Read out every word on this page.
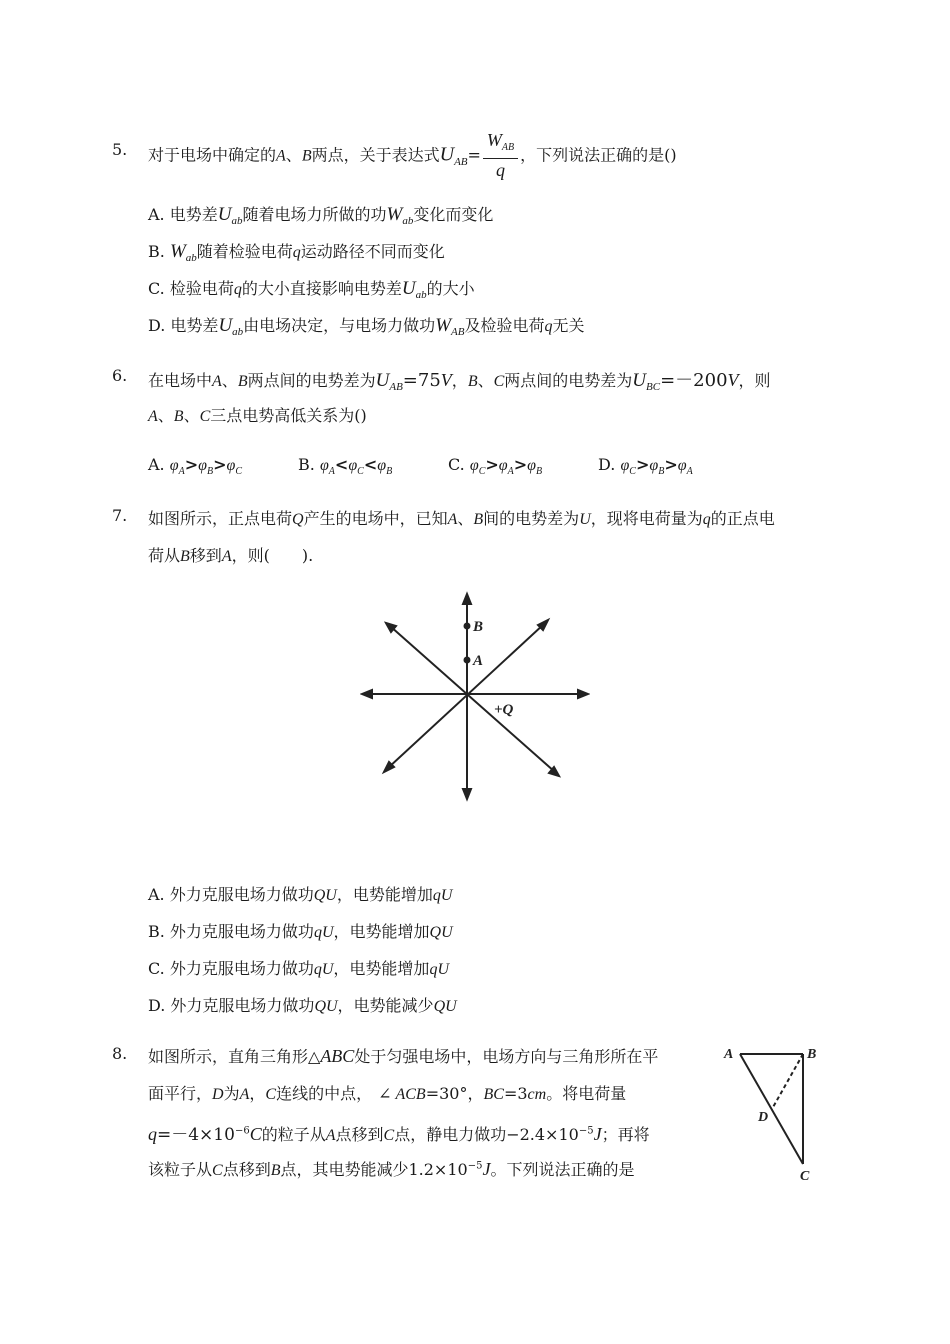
5. 对于电场中确定的A、B两点，关于表达式$U_{AB}= \frac{W_{AB}}{q}$ ，下列说法正确的是()
A. 电势差$U_{ab}$随着电场力所做的功$W_{ab}$变化而变化
B. $W_{ab}$随着检验电荷q运动路径不同而变化
C. 检验电荷q的大小直接影响电势差$U_{ab}$的大小
D. 电势差$U_{ab}$由电场决定，与电场力做功$W_{AB}$及检验电荷q无关
6. 在电场中A、B两点间的电势差为$U_{AB}=75V$，B、C两点间的电势差为$U_{BC}=-200V$，则
A、B、C三点电势高低关系为()
A. $\varphi_A>\varphi_B>\varphi_C$	B. $\varphi_A<\varphi_C<\varphi_B$	C. $\varphi_C>\varphi_A>\varphi_B$	D. $\varphi_C>\varphi_B>\varphi_A$
7. 如图所示，正点电荷Q产生的电场中，已知A、B间的电势差为U，现将电荷量为q的正点电
荷从B移到A，则(　　).
B
A
+Q
A. 外力克服电场力做功QU，电势能增加qU
B. 外力克服电场力做功qU，电势能增加QU
C. 外力克服电场力做功qU，电势能增加qU
D. 外力克服电场力做功QU，电势能减少QU
8. 如图所示，直角三角形△ABC处于匀强电场中，电场方向与三角形所在平
面平行，D为A，C连线的中点， ∠ ACB=30°，BC=3cm。将电荷量
$q=-4\times 10^{-6}C$的粒子从A点移到C点，静电力做功$-2.4\times 10^{-5}J$；再将
该粒子从C点移到B点，其电势能减少$1.2\times 10^{-5}J$。下列说法正确的是
A	B
D
C
